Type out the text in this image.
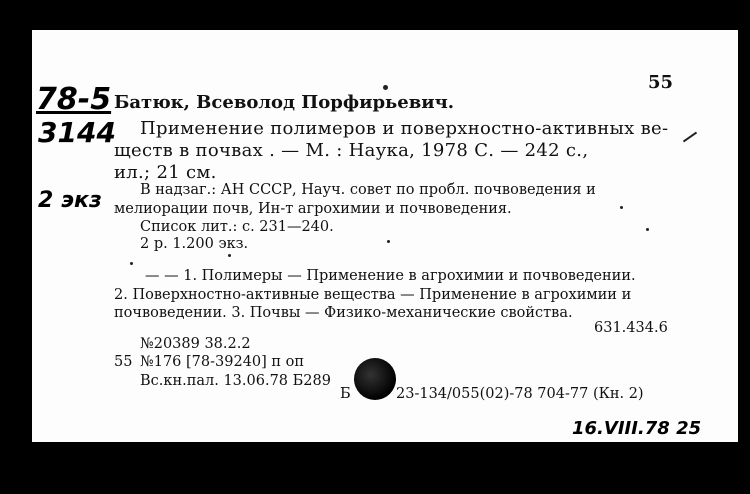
55
78-5
3144
2 экз
16.VIII.78 25
Батюк, Всеволод Порфирьевич.
Применение полимеров и поверхностно-активных ве-
ществ в почвах . — М. : Наука, 1978 С. — 242 с.,
ил.; 21 см.
В надзаг.: АН СССР, Науч. совет по пробл. почвоведения и
мелиорации почв, Ин-т агрохимии и почвоведения.
Список лит.: с. 231—240.
2 р. 1.200 экз.
— — 1. Полимеры — Применение в агрохимии и почвоведении.
2. Поверхностно-активные вещества — Применение в агрохимии и
почвоведении. 3. Почвы — Физико-механические свойства.
631.434.6
№20389 38.2.2
55 №176 [78-39240] п оп
Вс.кн.пал. 13.06.78 Б289
Б	23-134/055(02)-78 704-77 (Кн. 2)
